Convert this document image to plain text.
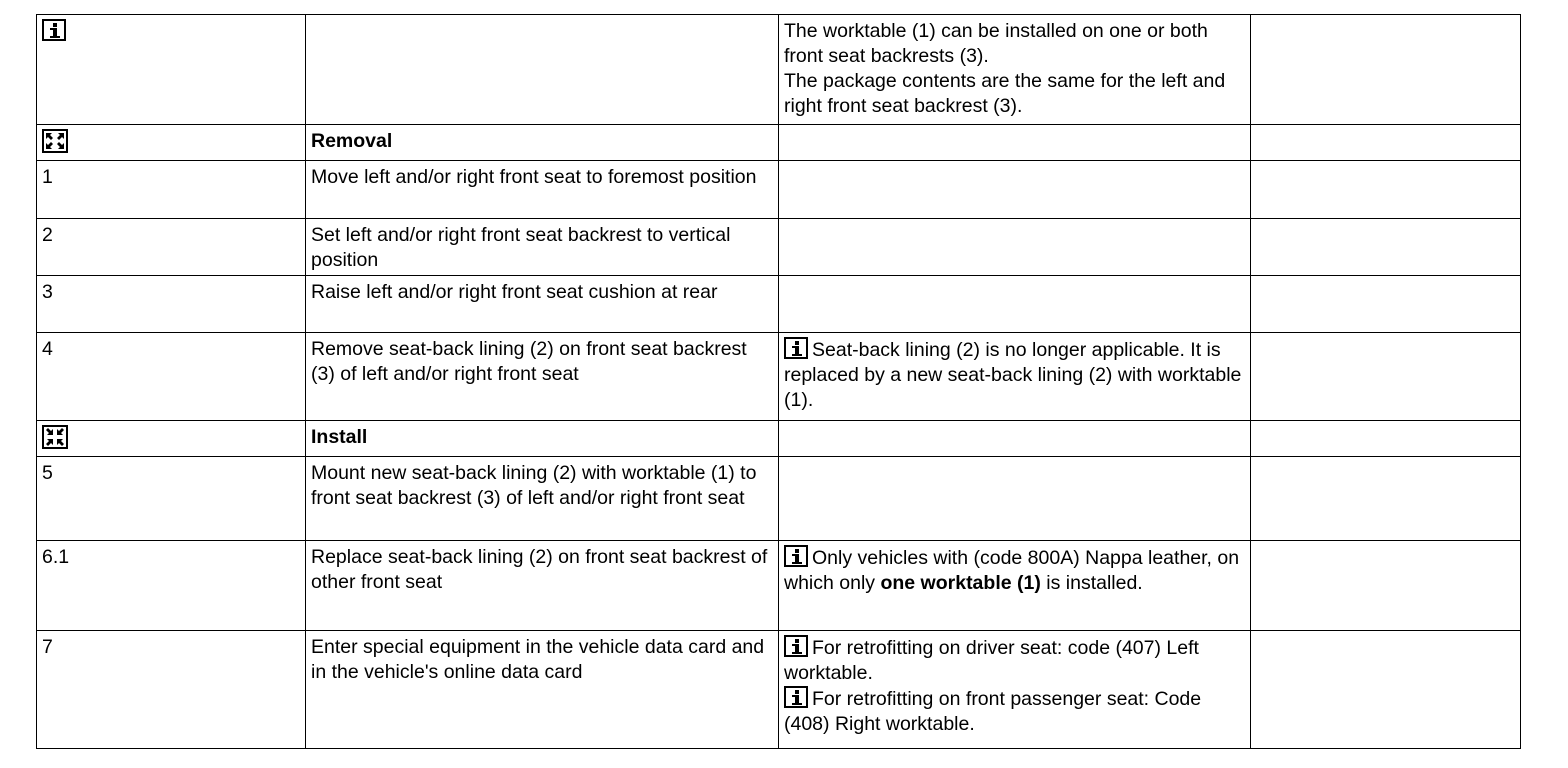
		The worktable (1) can be installed on one or both front seat backrests (3).
The package contents are the same for the left and right front seat backrest (3).	

	Removal		
1	Move left and/or right front seat to foremost position		
2	Set left and/or right front seat backrest to vertical position		
3	Raise left and/or right front seat cushion at rear		
4	Remove seat-back lining (2) on front seat backrest (3) of left and/or right front seat	Seat-back lining (2) is no longer applicable. It is replaced by a new seat-back lining (2) with worktable (1).	

	Install		
5	Mount new seat-back lining (2) with worktable (1) to front seat backrest (3) of left and/or right front seat		
6.1	Replace seat-back lining (2) on front seat backrest of other front seat	Only vehicles with (code 800A) Nappa leather, on which only one worktable (1) is installed.	
7	Enter special equipment in the vehicle data card and in the vehicle's online data card	For retrofitting on driver seat: code (407) Left worktable.
For retrofitting on front passenger seat: Code (408) Right worktable.	
